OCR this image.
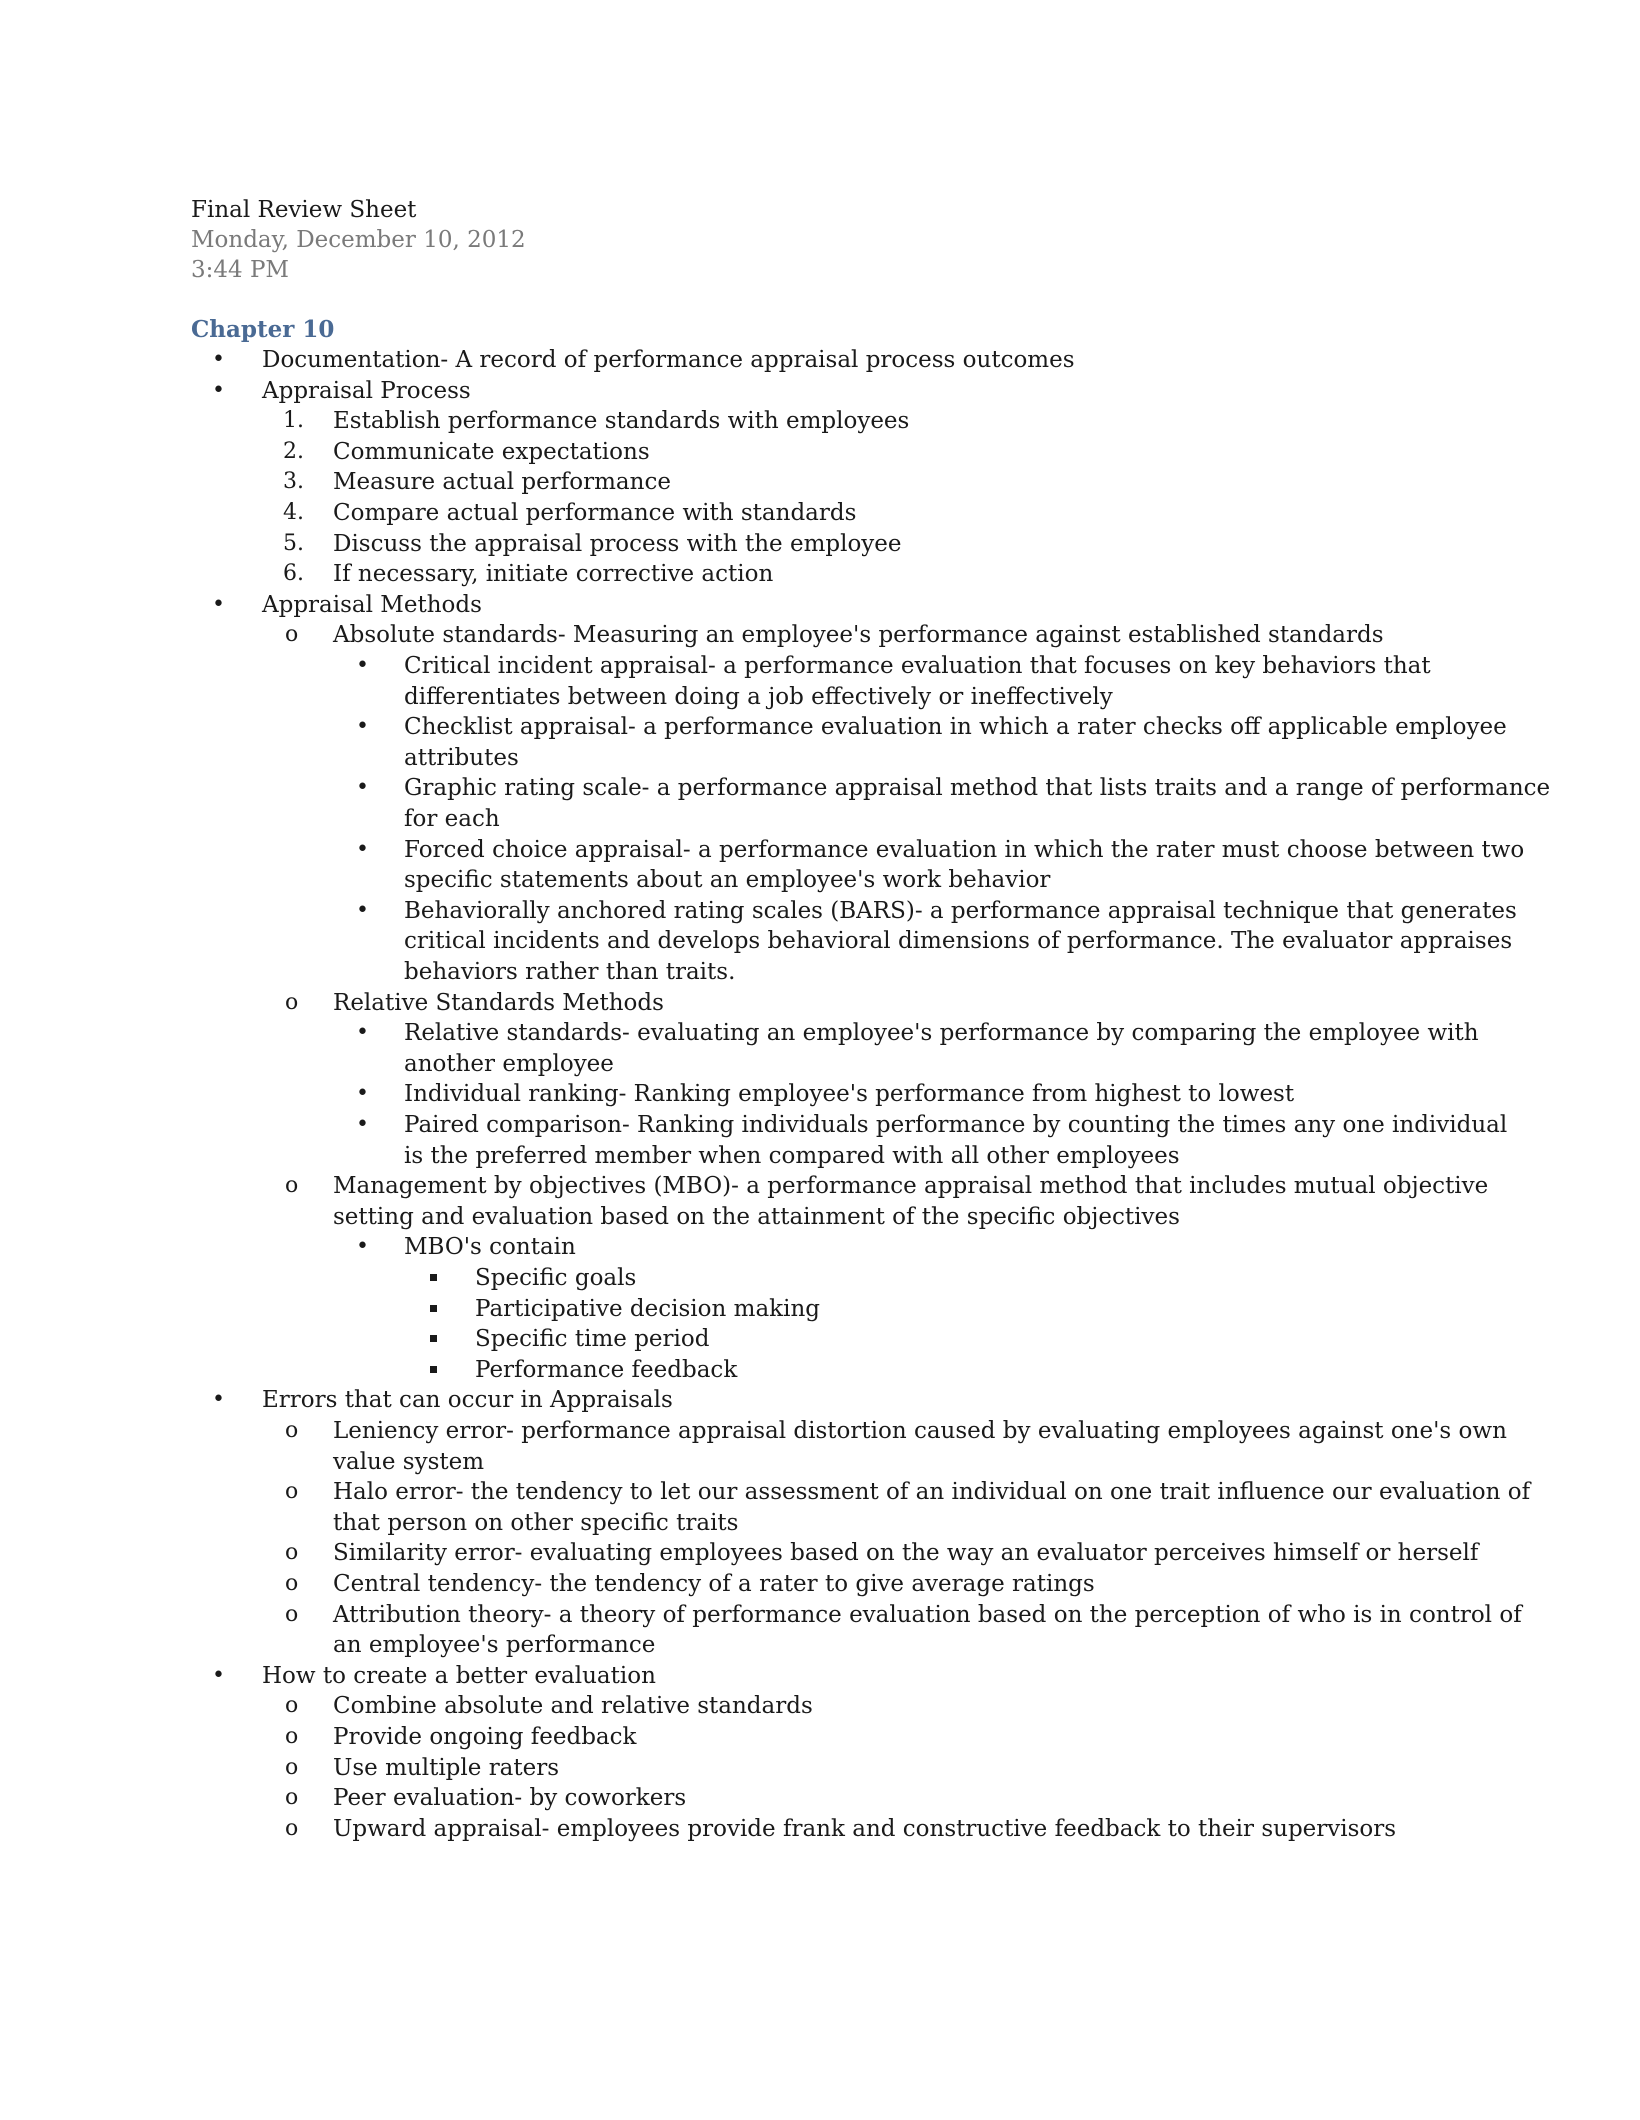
Final Review Sheet
Monday, December 10, 2012
3:44 PM
Chapter 10
Documentation- A record of performance appraisal process outcomes
•
Appraisal Process
•
Establish performance standards with employees
1.
Communicate expectations
2.
Measure actual performance
3.
Compare actual performance with standards
4.
Discuss the appraisal process with the employee
5.
If necessary, initiate corrective action
6.
Appraisal Methods
•
Absolute standards- Measuring an employee's performance against established standards
o
Critical incident appraisal- a performance evaluation that focuses on key behaviors that
•
differentiates between doing a job effectively or ineffectively
Checklist appraisal- a performance evaluation in which a rater checks off applicable employee
•
attributes
Graphic rating scale- a performance appraisal method that lists traits and a range of performance
•
for each
Forced choice appraisal- a performance evaluation in which the rater must choose between two
•
specific statements about an employee's work behavior
Behaviorally anchored rating scales (BARS)- a performance appraisal technique that generates
•
critical incidents and develops behavioral dimensions of performance. The evaluator appraises
behaviors rather than traits.
Relative Standards Methods
o
Relative standards- evaluating an employee's performance by comparing the employee with
•
another employee
Individual ranking- Ranking employee's performance from highest to lowest
•
Paired comparison- Ranking individuals performance by counting the times any one individual
•
is the preferred member when compared with all other employees
Management by objectives (MBO)- a performance appraisal method that includes mutual objective
o
setting and evaluation based on the attainment of the specific objectives
MBO's contain
•
Specific goals
Participative decision making
Specific time period
Performance feedback
Errors that can occur in Appraisals
•
Leniency error- performance appraisal distortion caused by evaluating employees against one's own
o
value system
Halo error- the tendency to let our assessment of an individual on one trait influence our evaluation of
o
that person on other specific traits
Similarity error- evaluating employees based on the way an evaluator perceives himself or herself
o
Central tendency- the tendency of a rater to give average ratings
o
Attribution theory- a theory of performance evaluation based on the perception of who is in control of
o
an employee's performance
How to create a better evaluation
•
Combine absolute and relative standards
o
Provide ongoing feedback
o
Use multiple raters
o
Peer evaluation- by coworkers
o
Upward appraisal- employees provide frank and constructive feedback to their supervisors
o
